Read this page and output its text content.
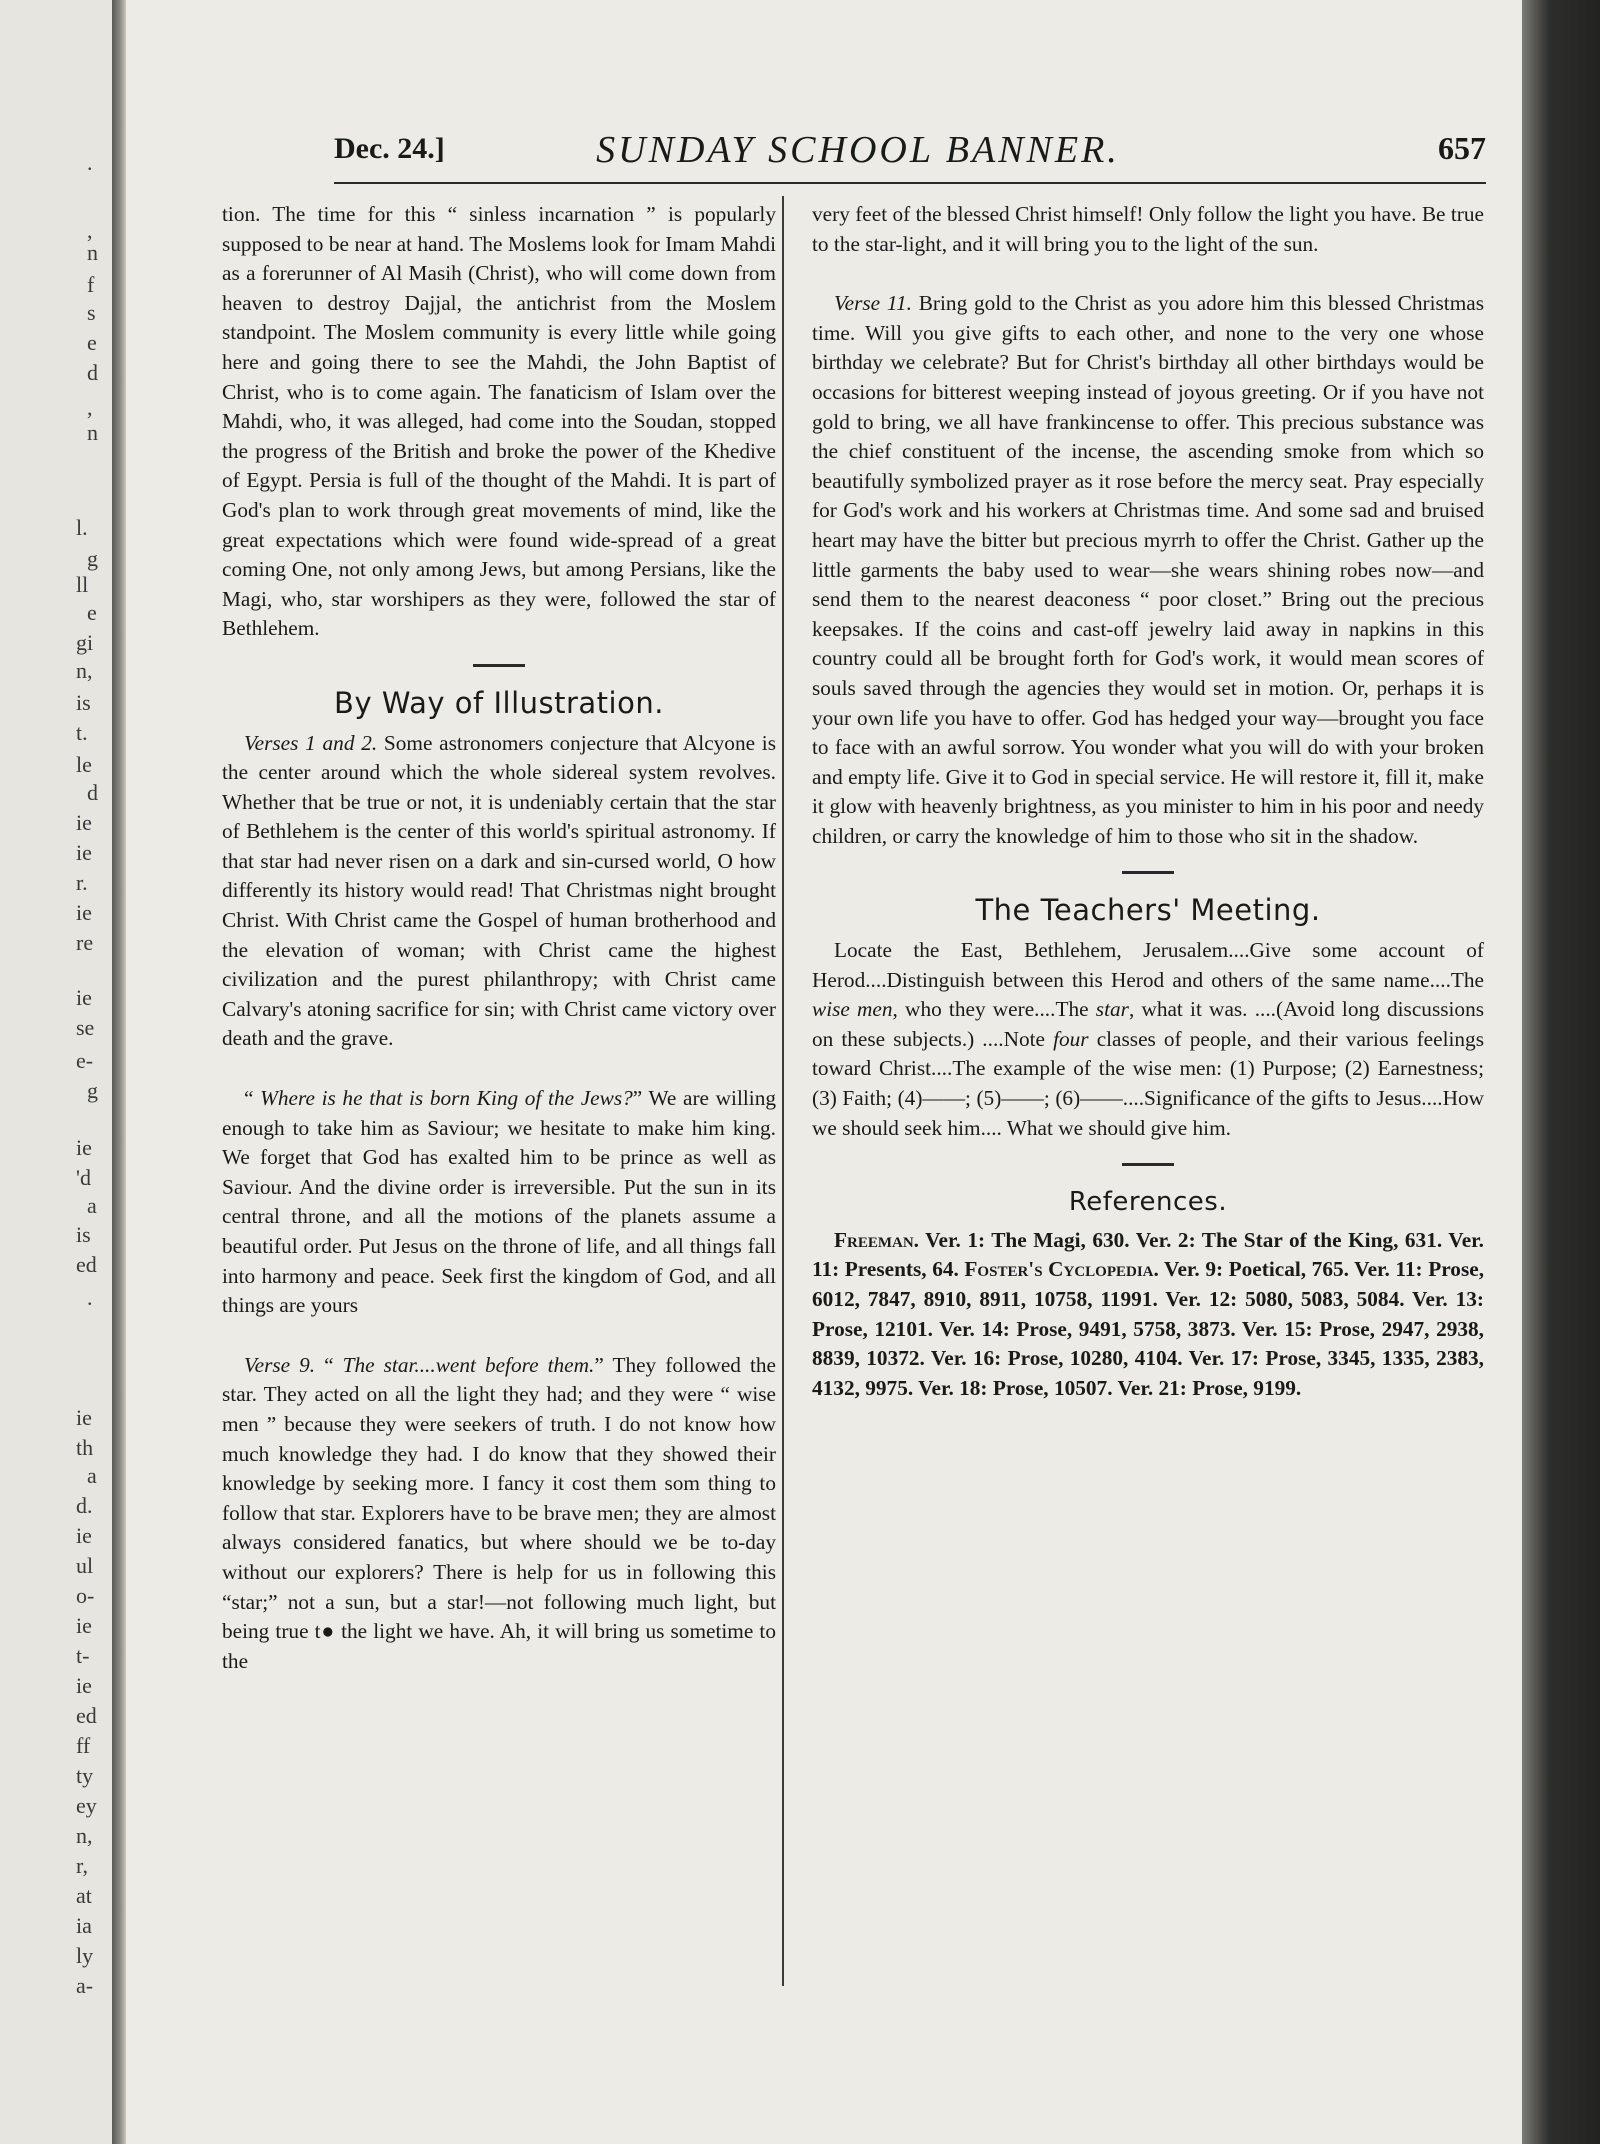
.
,
n
f
s
e
d
,
n
l.
g
ll
e
gi
n,
is
t.
le
d
ie
ie
r.
ie
re
ie
se
e-
g
ie
'd
a
is
ed
.
ie
th
a
d.
ie
ul
o-
ie
t-
ie
ed
ff
ty
ey
n,
r,
at
ia
ly
a-
Dec. 24.]	SUNDAY SCHOOL BANNER.	657

tion. The time for this “ sinless incarnation ” is popularly supposed to be near at hand. The Moslems look for Imam Mahdi as a forerunner of Al Masih (Christ), who will come down from heaven to destroy Dajjal, the antichrist from the Moslem standpoint. The Moslem community is every little while going here and going there to see the Mahdi, the John Baptist of Christ, who is to come again. The fanaticism of Islam over the Mahdi, who, it was alleged, had come into the Soudan, stopped the progress of the British and broke the power of the Khedive of Egypt. Persia is full of the thought of the Mahdi. It is part of God's plan to work through great movements of mind, like the great expectations which were found wide-spread of a great coming One, not only among Jews, but among Persians, like the Magi, who, star worshipers as they were, followed the star of Bethlehem.

By Way of Illustration.

Verses 1 and 2. Some astronomers conjecture that Alcyone is the center around which the whole sidereal system revolves. Whether that be true or not, it is undeniably certain that the star of Bethlehem is the center of this world's spiritual astronomy. If that star had never risen on a dark and sin-cursed world, O how differently its history would read! That Christmas night brought Christ. With Christ came the Gospel of human brotherhood and the elevation of woman; with Christ came the highest civilization and the purest philanthropy; with Christ came Calvary's atoning sacrifice for sin; with Christ came victory over death and the grave.

“ Where is he that is born King of the Jews?” We are willing enough to take him as Saviour; we hesitate to make him king. We forget that God has exalted him to be prince as well as Saviour. And the divine order is irreversible. Put the sun in its central throne, and all the motions of the planets assume a beautiful order. Put Jesus on the throne of life, and all things fall into harmony and peace. Seek first the kingdom of God, and all things are yours

Verse 9. “ The star....went before them.” They followed the star. They acted on all the light they had; and they were “ wise men ” because they were seekers of truth. I do not know how much knowledge they had. I do know that they showed their knowledge by seeking more. I fancy it cost them som thing to follow that star. Explorers have to be brave men; they are almost always considered fanatics, but where should we be to-day without our explorers? There is help for us in following this “star;” not a sun, but a star!—not following much light, but being true t● the light we have. Ah, it will bring us sometime to the

very feet of the blessed Christ himself! Only follow the light you have. Be true to the star-light, and it will bring you to the light of the sun.

Verse 11. Bring gold to the Christ as you adore him this blessed Christmas time. Will you give gifts to each other, and none to the very one whose birthday we celebrate? But for Christ's birthday all other birthdays would be occasions for bitterest weeping instead of joyous greeting. Or if you have not gold to bring, we all have frankincense to offer. This precious substance was the chief constituent of the incense, the ascending smoke from which so beautifully symbolized prayer as it rose before the mercy seat. Pray especially for God's work and his workers at Christmas time. And some sad and bruised heart may have the bitter but precious myrrh to offer the Christ. Gather up the little garments the baby used to wear—she wears shining robes now—and send them to the nearest deaconess “ poor closet.” Bring out the precious keepsakes. If the coins and cast-off jewelry laid away in napkins in this country could all be brought forth for God's work, it would mean scores of souls saved through the agencies they would set in motion. Or, perhaps it is your own life you have to offer. God has hedged your way—brought you face to face with an awful sorrow. You wonder what you will do with your broken and empty life. Give it to God in special service. He will restore it, fill it, make it glow with heavenly brightness, as you minister to him in his poor and needy children, or carry the knowledge of him to those who sit in the shadow.

The Teachers' Meeting.

Locate the East, Bethlehem, Jerusalem....Give some account of Herod....Distinguish between this Herod and others of the same name....The wise men, who they were....The star, what it was. ....(Avoid long discussions on these subjects.) ....Note four classes of people, and their various feelings toward Christ....The example of the wise men: (1) Purpose; (2) Earnestness; (3) Faith; (4)——; (5)——; (6)——....Significance of the gifts to Jesus....How we should seek him.... What we should give him.

References.

Freeman. Ver. 1: The Magi, 630. Ver. 2: The Star of the King, 631. Ver. 11: Presents, 64. Foster's Cyclopedia. Ver. 9: Poetical, 765. Ver. 11: Prose, 6012, 7847, 8910, 8911, 10758, 11991. Ver. 12: 5080, 5083, 5084. Ver. 13: Prose, 12101. Ver. 14: Prose, 9491, 5758, 3873. Ver. 15: Prose, 2947, 2938, 8839, 10372. Ver. 16: Prose, 10280, 4104. Ver. 17: Prose, 3345, 1335, 2383, 4132, 9975. Ver. 18: Prose, 10507. Ver. 21: Prose, 9199.
